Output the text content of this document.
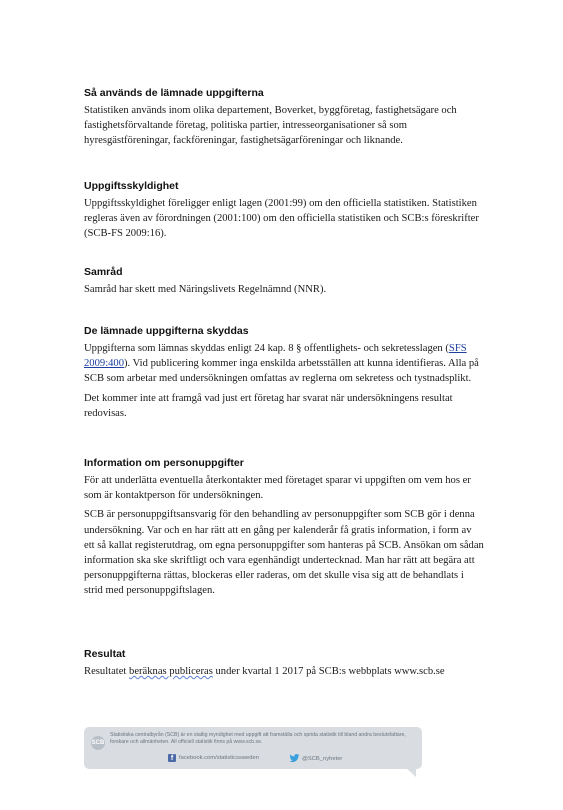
Så används de lämnade uppgifterna

Statistiken används inom olika departement, Boverket, byggföretag, fastighetsägare och fastighetsförvaltande företag, politiska partier, intresseorganisationer så som hyresgästföreningar, fackföreningar, fastighetsägarföreningar och liknande.

Uppgiftsskyldighet

Uppgiftsskyldighet föreligger enligt lagen (2001:99) om den officiella statistiken. Statistiken regleras även av förordningen (2001:100) om den officiella statistiken och SCB:s föreskrifter (SCB-FS 2009:16).

Samråd

Samråd har skett med Näringslivets Regelnämnd (NNR).

De lämnade uppgifterna skyddas

Uppgifterna som lämnas skyddas enligt 24 kap. 8 § offentlighets- och sekretesslagen (SFS 2009:400). Vid publicering kommer inga enskilda arbetsställen att kunna identifieras. Alla på SCB som arbetar med undersökningen omfattas av reglerna om sekretess och tystnadsplikt.

Det kommer inte att framgå vad just ert företag har svarat när undersökningens resultat redovisas.

Information om personuppgifter

För att underlätta eventuella återkontakter med företaget sparar vi uppgiften om vem hos er som är kontaktperson för undersökningen.

SCB är personuppgiftsansvarig för den behandling av personuppgifter som SCB gör i denna undersökning. Var och en har rätt att en gång per kalenderår få gratis information, i form av ett så kallat registerutdrag, om egna personuppgifter som hanteras på SCB. Ansökan om sådan information ska ske skriftligt och vara egenhändigt undertecknad. Man har rätt att begära att personuppgifterna rättas, blockeras eller raderas, om det skulle visa sig att de behandlats i strid med personuppgiftslagen.

Resultat

Resultatet beräknas publiceras under kvartal 1 2017 på SCB:s webbplats www.scb.se

SCB
Statistiska centralbyrån (SCB) är en statlig myndighet med uppgift att framställa och sprida statistik till bland andra beslutsfattare, forskare och allmänheten. All officiell statistik finns på www.scb.se.
f	facebook.com/statisticssweden	@SCB_nyheter
